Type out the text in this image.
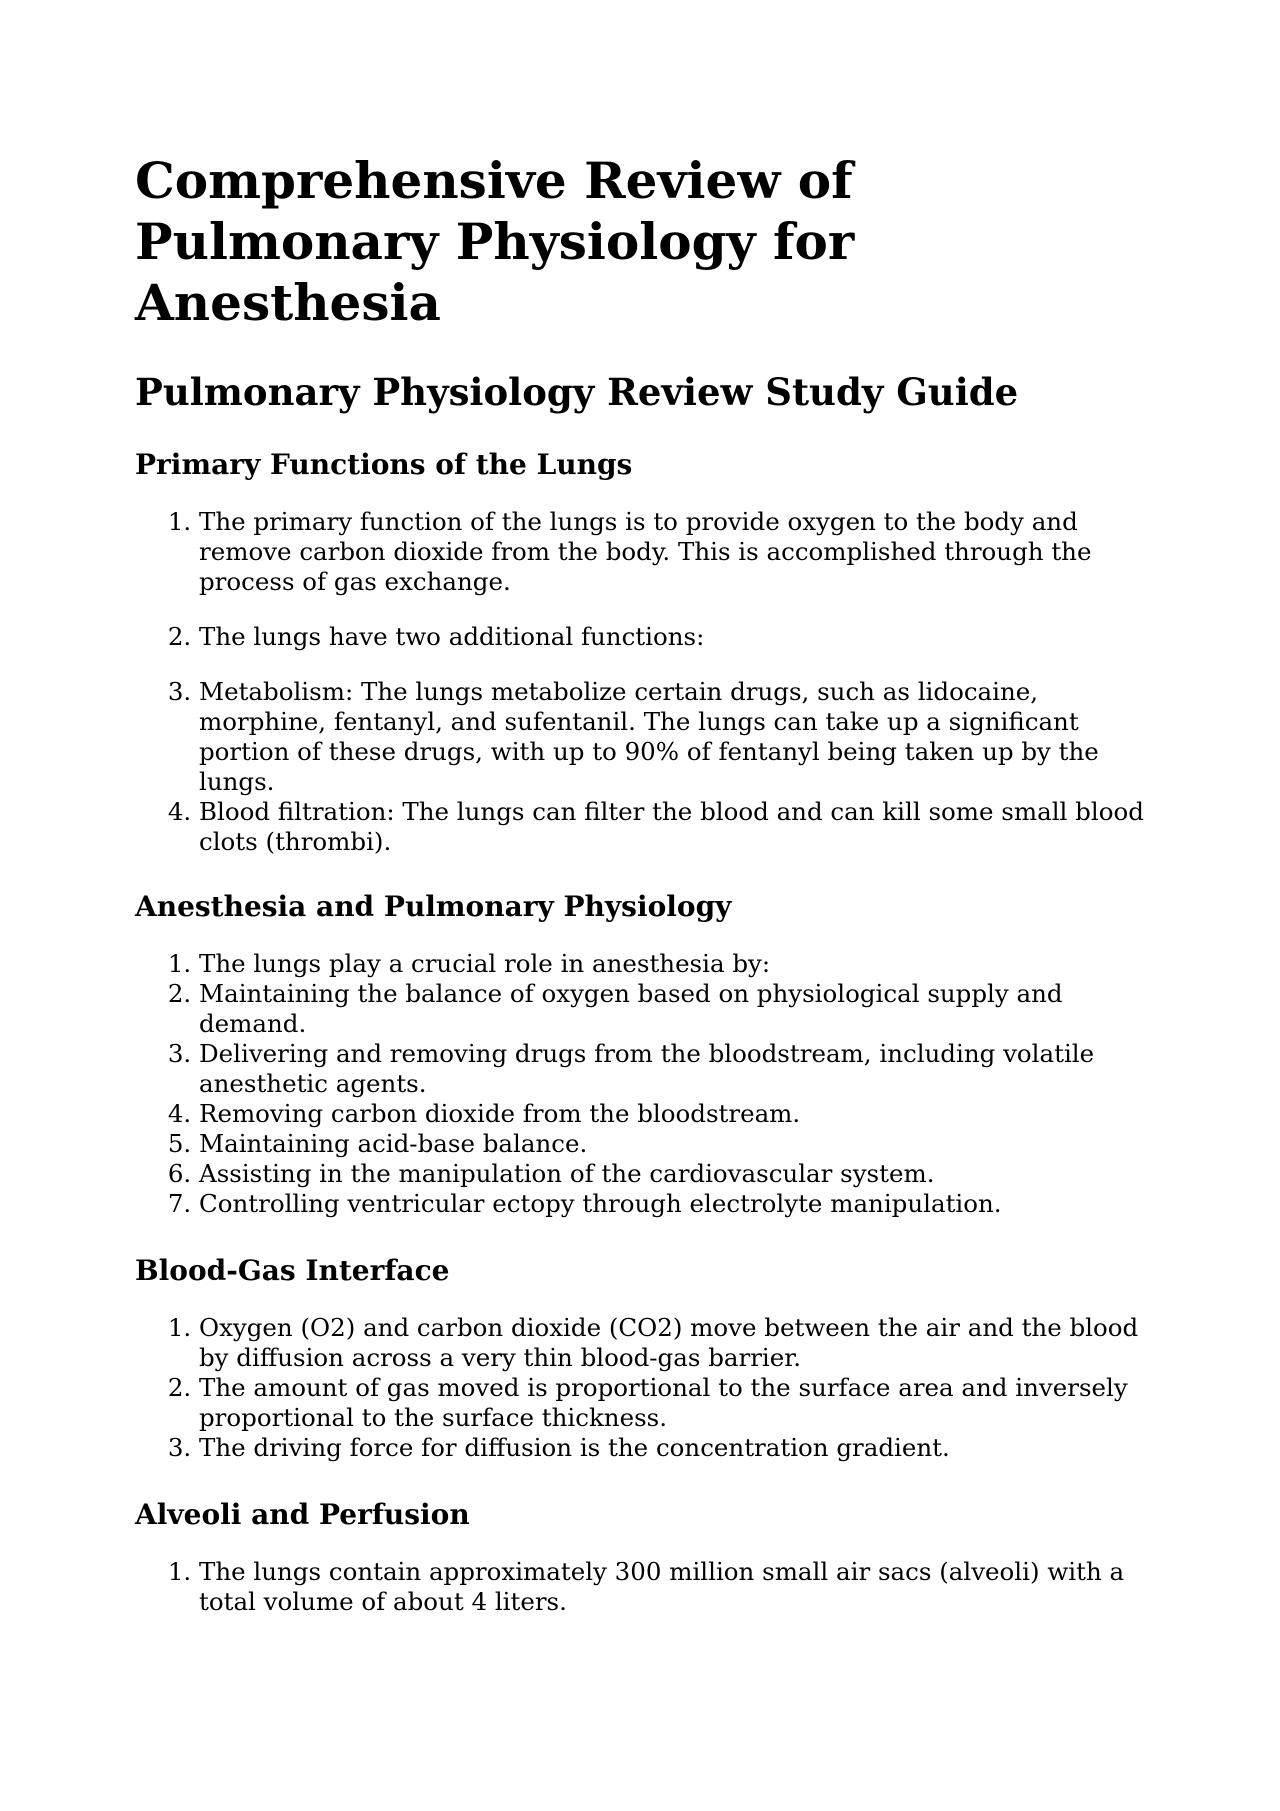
Comprehensive Review of Pulmonary Physiology for Anesthesia
Pulmonary Physiology Review Study Guide
Primary Functions of the Lungs
1. The primary function of the lungs is to provide oxygen to the body and remove carbon dioxide from the body. This is accomplished through the process of gas exchange.
2. The lungs have two additional functions:
3. Metabolism: The lungs metabolize certain drugs, such as lidocaine, morphine, fentanyl, and sufentanil. The lungs can take up a significant portion of these drugs, with up to 90% of fentanyl being taken up by the lungs.
4. Blood filtration: The lungs can filter the blood and can kill some small blood clots (thrombi).
Anesthesia and Pulmonary Physiology
1. The lungs play a crucial role in anesthesia by:
2. Maintaining the balance of oxygen based on physiological supply and demand.
3. Delivering and removing drugs from the bloodstream, including volatile anesthetic agents.
4. Removing carbon dioxide from the bloodstream.
5. Maintaining acid-base balance.
6. Assisting in the manipulation of the cardiovascular system.
7. Controlling ventricular ectopy through electrolyte manipulation.
Blood-Gas Interface
1. Oxygen (O2) and carbon dioxide (CO2) move between the air and the blood by diffusion across a very thin blood-gas barrier.
2. The amount of gas moved is proportional to the surface area and inversely proportional to the surface thickness.
3. The driving force for diffusion is the concentration gradient.
Alveoli and Perfusion
1. The lungs contain approximately 300 million small air sacs (alveoli) with a total volume of about 4 liters.
